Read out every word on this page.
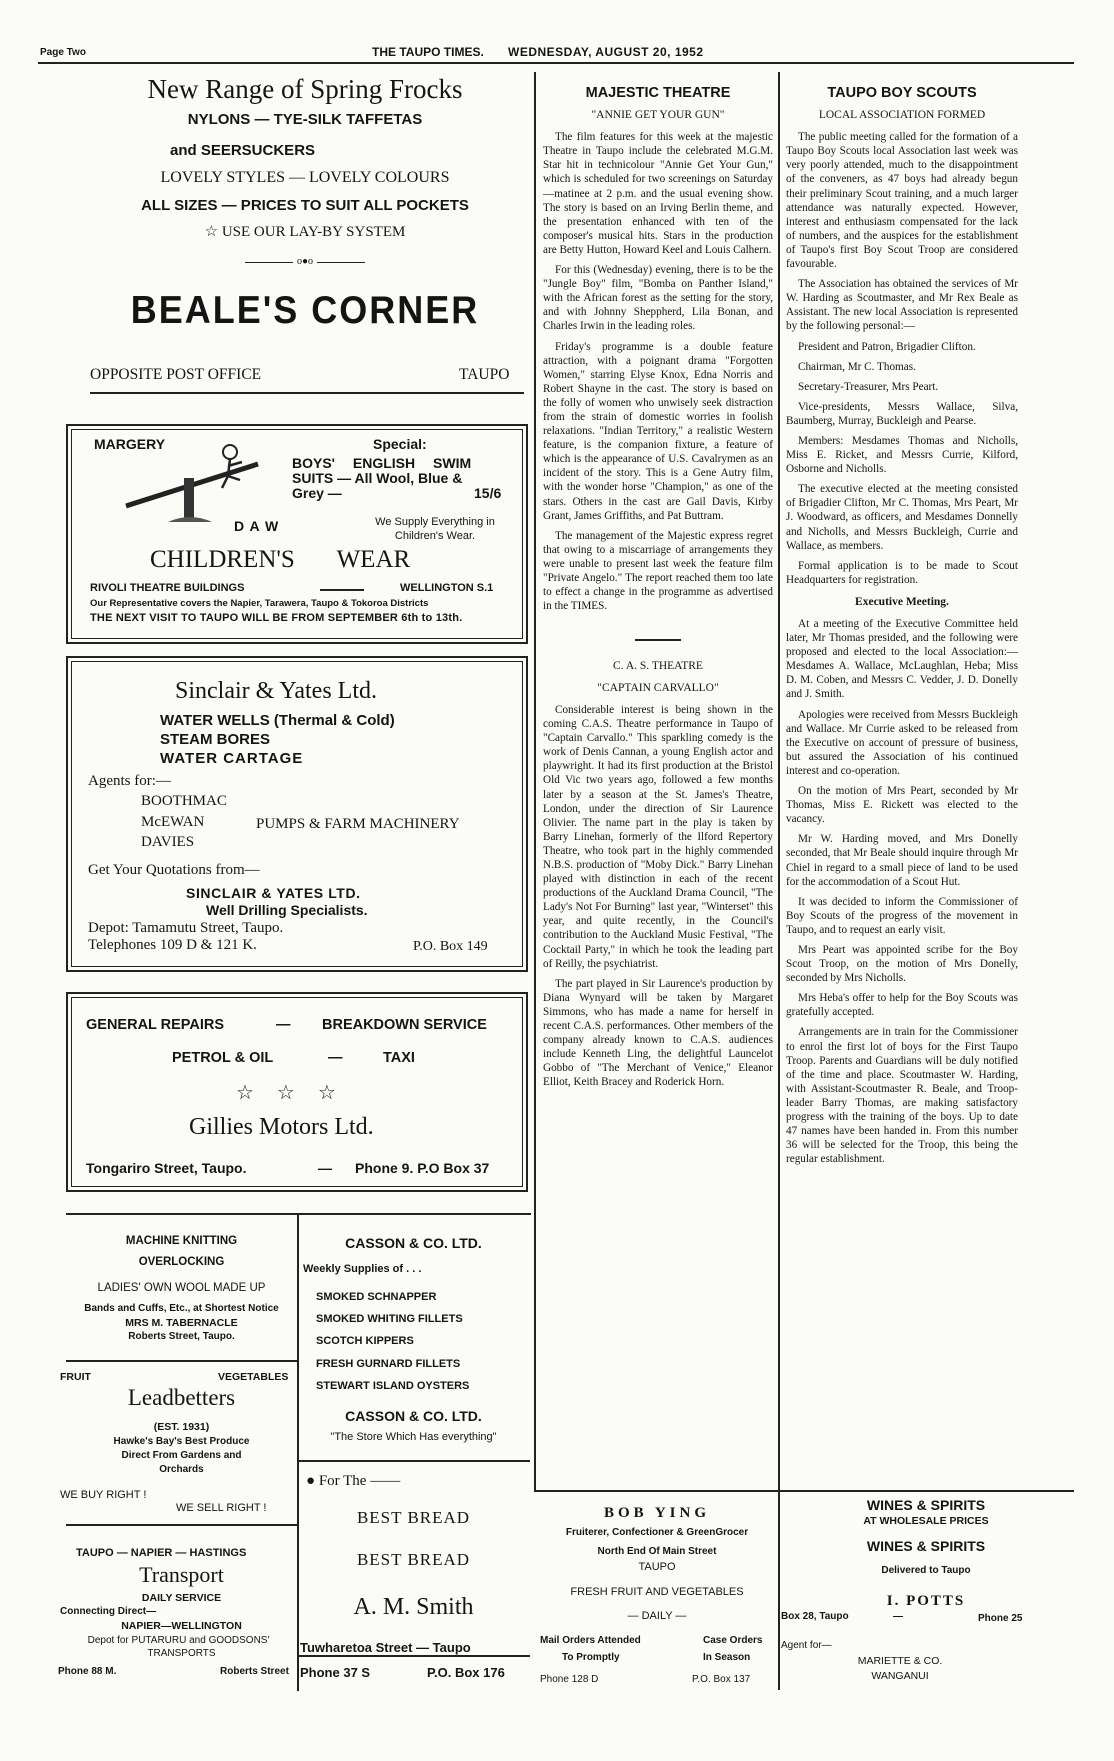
Page Two	THE TAUPO TIMES. WEDNESDAY, AUGUST 20, 1952
New Range of Spring Frocks
NYLONS — TYE-SILK TAFFETAS
and SEERSUCKERS
LOVELY STYLES — LOVELY COLOURS
ALL SIZES — PRICES TO SUIT ALL POCKETS
☆ USE OUR LAY-BY SYSTEM
o●o
BEALE'S CORNER
OPPOSITE POST OFFICE	TAUPO
MARGERY	Special:
BOYS' ENGLISH SWIM
SUITS — All Wool, Blue &
Grey —	15/6
D A W	We Supply Everything in Children's Wear.
CHILDREN'S WEAR
RIVOLI THEATRE BUILDINGS	WELLINGTON S.1
Our Representative covers the Napier, Tarawera, Taupo & Tokoroa Districts
THE NEXT VISIT TO TAUPO WILL BE FROM SEPTEMBER 6th to 13th.
Sinclair & Yates Ltd.
WATER WELLS (Thermal & Cold)
STEAM BORES
WATER CARTAGE
Agents for:—
BOOTHMAC
McEWAN	PUMPS & FARM MACHINERY
DAVIES
Get Your Quotations from—
SINCLAIR & YATES LTD.
Well Drilling Specialists.
Depot: Tamamutu Street, Taupo.
Telephones 109 D & 121 K.	P.O. Box 149
GENERAL REPAIRS	— BREAKDOWN SERVICE
PETROL & OIL	—	TAXI
☆ ☆ ☆
Gillies Motors Ltd.
Tongariro Street, Taupo.	— Phone 9. P.O Box 37
MACHINE KNITTING
OVERLOCKING
LADIES' OWN WOOL MADE UP
Bands and Cuffs, Etc., at Shortest Notice
MRS M. TABERNACLE
Roberts Street, Taupo.
FRUIT	VEGETABLES
Leadbetters
(EST. 1931)
Hawke's Bay's Best Produce
Direct From Gardens and
Orchards
WE BUY RIGHT !
WE SELL RIGHT !
TAUPO — NAPIER — HASTINGS
Transport
DAILY SERVICE
Connecting Direct—
NAPIER—WELLINGTON
Depot for PUTARURU and GOODSONS'
TRANSPORTS
Phone 88 M.	Roberts Street
CASSON & CO. LTD.
Weekly Supplies of . . .
SMOKED SCHNAPPER
SMOKED WHITING FILLETS
SCOTCH KIPPERS
FRESH GURNARD FILLETS
STEWART ISLAND OYSTERS
CASSON & CO. LTD.
"The Store Which Has everything"
● For The ——
BEST BREAD
BEST BREAD
A. M. Smith
Tuwharetoa Street — Taupo
Phone 37 S	P.O. Box 176
MAJESTIC THEATRE
"ANNIE GET YOUR GUN"

The film features for this week at the majestic Theatre in Taupo include the celebrated M.G.M. Star hit in technicolour "Annie Get Your Gun," which is scheduled for two screenings on Saturday—matinee at 2 p.m. and the usual evening show. The story is based on an Irving Berlin theme, and the presentation enhanced with ten of the composer's musical hits. Stars in the production are Betty Hutton, Howard Keel and Louis Calhern.

For this (Wednesday) evening, there is to be the "Jungle Boy" film, "Bomba on Panther Island," with the African forest as the setting for the story, and with Johnny Sheppherd, Lila Bonan, and Charles Irwin in the leading roles.

Friday's programme is a double feature attraction, with a poignant drama "Forgotten Women," starring Elyse Knox, Edna Norris and Robert Shayne in the cast. The story is based on the folly of women who unwisely seek distraction from the strain of domestic worries in foolish relaxations. "Indian Territory," a realistic Western feature, is the companion fixture, a feature of which is the appearance of U.S. Cavalrymen as an incident of the story. This is a Gene Autry film, with the wonder horse "Champion," as one of the stars. Others in the cast are Gail Davis, Kirby Grant, James Griffiths, and Pat Buttram.

The management of the Majestic express regret that owing to a miscarriage of arrangements they were unable to present last week the feature film "Private Angelo." The report reached them too late to effect a change in the programme as advertised in the TIMES.

C. A. S. THEATRE
"CAPTAIN CARVALLO"

Considerable interest is being shown in the coming C.A.S. Theatre performance in Taupo of "Captain Carvallo." This sparkling comedy is the work of Denis Cannan, a young English actor and playwright. It had its first production at the Bristol Old Vic two years ago, followed a few months later by a season at the St. James's Theatre, London, under the direction of Sir Laurence Olivier. The name part in the play is taken by Barry Linehan, formerly of the Ilford Repertory Theatre, who took part in the highly commended N.B.S. production of "Moby Dick." Barry Linehan played with distinction in each of the recent productions of the Auckland Drama Council, "The Lady's Not For Burning" last year, "Winterset" this year, and quite recently, in the Council's contribution to the Auckland Music Festival, "The Cocktail Party," in which he took the leading part of Reilly, the psychiatrist.

The part played in Sir Laurence's production by Diana Wynyard will be taken by Margaret Simmons, who has made a name for herself in recent C.A.S. performances. Other members of the company already known to C.A.S. audiences include Kenneth Ling, the delightful Launcelot Gobbo of "The Merchant of Venice," Eleanor Elliot, Keith Bracey and Roderick Horn.

TAUPO BOY SCOUTS
LOCAL ASSOCIATION FORMED

The public meeting called for the formation of a Taupo Boy Scouts local Association last week was very poorly attended, much to the disappointment of the conveners, as 47 boys had already begun their preliminary Scout training, and a much larger attendance was naturally expected. However, interest and enthusiasm compensated for the lack of numbers, and the auspices for the establishment of Taupo's first Boy Scout Troop are considered favourable.

The Association has obtained the services of Mr W. Harding as Scoutmaster, and Mr Rex Beale as Assistant. The new local Association is represented by the following personal:—

President and Patron, Brigadier Clifton.

Chairman, Mr C. Thomas.

Secretary-Treasurer, Mrs Peart.

Vice-presidents, Messrs Wallace, Silva, Baumberg, Murray, Buckleigh and Pearse.

Members: Mesdames Thomas and Nicholls, Miss E. Ricket, and Messrs Currie, Kilford, Osborne and Nicholls.

The executive elected at the meeting consisted of Brigadier Clifton, Mr C. Thomas, Mrs Peart, Mr J. Woodward, as officers, and Mesdames Donnelly and Nicholls, and Messrs Buckleigh, Currie and Wallace, as members.

Formal application is to be made to Scout Headquarters for registration.

Executive Meeting.

At a meeting of the Executive Committee held later, Mr Thomas presided, and the following were proposed and elected to the local Association:—Mesdames A. Wallace, McLaughlan, Heba; Miss D. M. Coben, and Messrs C. Vedder, J. D. Donelly and J. Smith.

Apologies were received from Messrs Buckleigh and Wallace. Mr Currie asked to be released from the Executive on account of pressure of business, but assured the Association of his continued interest and co-operation.

On the motion of Mrs Peart, seconded by Mr Thomas, Miss E. Rickett was elected to the vacancy.

Mr W. Harding moved, and Mrs Donelly seconded, that Mr Beale should inquire through Mr Chiel in regard to a small piece of land to be used for the accommodation of a Scout Hut.

It was decided to inform the Commissioner of Boy Scouts of the progress of the movement in Taupo, and to request an early visit.

Mrs Peart was appointed scribe for the Boy Scout Troop, on the motion of Mrs Donelly, seconded by Mrs Nicholls.

Mrs Heba's offer to help for the Boy Scouts was gratefully accepted.

Arrangements are in train for the Commissioner to enrol the first lot of boys for the First Taupo Troop. Parents and Guardians will be duly notified of the time and place. Scoutmaster W. Harding, with Assistant-Scoutmaster R. Beale, and Troop-leader Barry Thomas, are making satisfactory progress with the training of the boys. Up to date 47 names have been handed in. From this number 36 will be selected for the Troop, this being the regular establishment.

BOB YING
Fruiterer, Confectioner & GreenGrocer
North End Of Main Street
TAUPO
FRESH FRUIT AND VEGETABLES
— DAILY —
Mail Orders Attended	Case Orders
To Promptly	In Season
Phone 128 D	P.O. Box 137
WINES & SPIRITS
AT WHOLESALE PRICES
WINES & SPIRITS
Delivered to Taupo
I. POTTS
Box 28, Taupo	—	Phone 25
Agent for—
MARIETTE & CO.
WANGANUI
